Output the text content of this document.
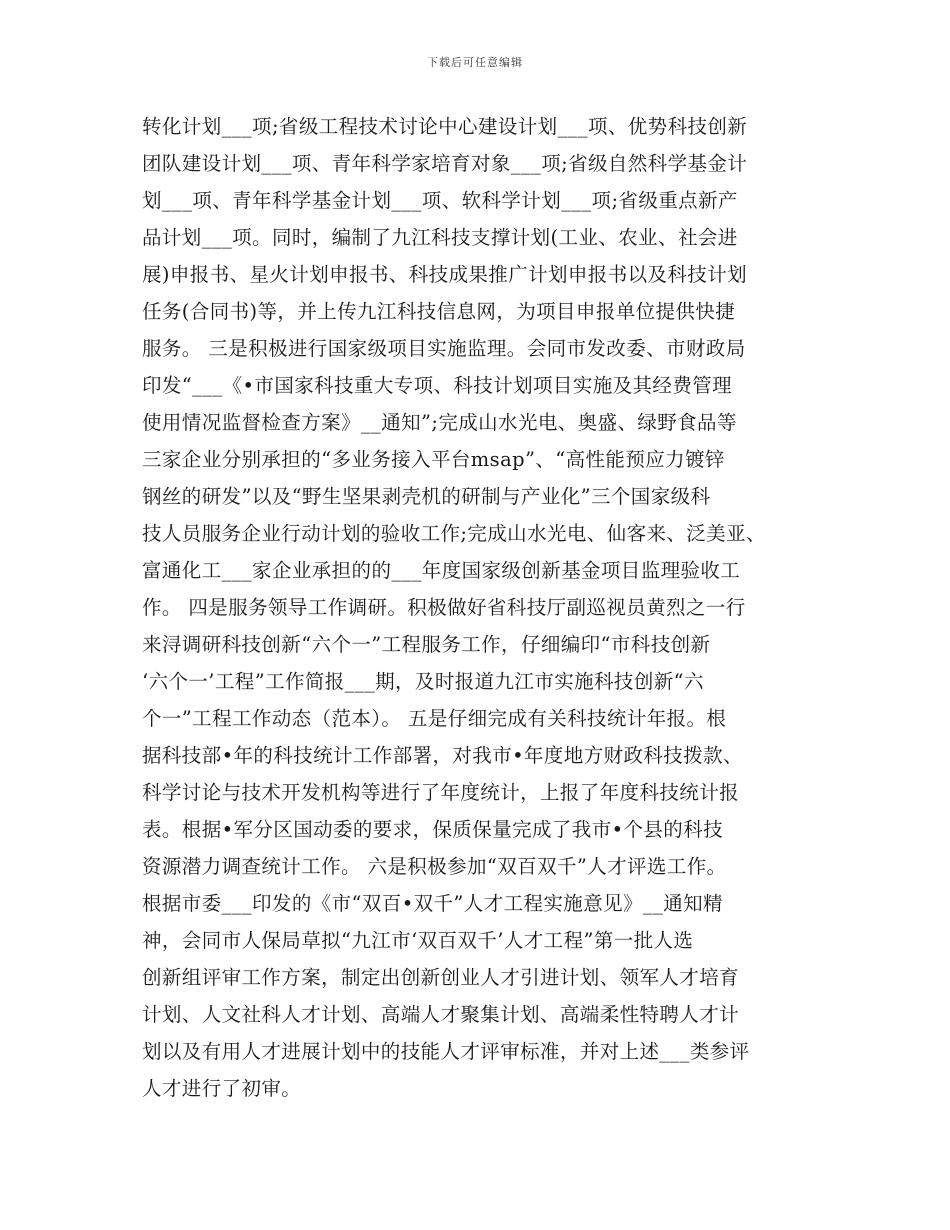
下载后可任意编辑
转化计划___项;省级工程技术讨论中心建设计划___项、优势科技创新
团队建设计划___项、青年科学家培育对象___项;省级自然科学基金计
划___项、青年科学基金计划___项、软科学计划___项;省级重点新产
品计划___项。同时，编制了九江科技支撑计划(工业、农业、社会进
展)申报书、星火计划申报书、科技成果推广计划申报书以及科技计划
任务(合同书)等，并上传九江科技信息网，为项目申报单位提供快捷
服务。 三是积极进行国家级项目实施监理。会同市发改委、市财政局
印发“___《•市国家科技重大专项、科技计划项目实施及其经费管理
使用情况监督检查方案》__通知”;完成山水光电、奥盛、绿野食品等
三家企业分别承担的“多业务接入平台msap”、“高性能预应力镀锌
钢丝的研发”以及“野生坚果剥壳机的研制与产业化”三个国家级科
技人员服务企业行动计划的验收工作;完成山水光电、仙客来、泛美亚、
富通化工___家企业承担的的___年度国家级创新基金项目监理验收工
作。 四是服务领导工作调研。积极做好省科技厅副巡视员黄烈之一行
来浔调研科技创新“六个一”工程服务工作，仔细编印“市科技创新
‘六个一’工程”工作简报___期，及时报道九江市实施科技创新“六
个一”工程工作动态（范本）。 五是仔细完成有关科技统计年报。根
据科技部•年的科技统计工作部署，对我市•年度地方财政科技拨款、
科学讨论与技术开发机构等进行了年度统计，上报了年度科技统计报
表。根据•军分区国动委的要求，保质保量完成了我市•个县的科技
资源潜力调查统计工作。 六是积极参加“双百双千”人才评选工作。
根据市委___印发的《市“双百•双千”人才工程实施意见》__通知精
神，会同市人保局草拟“九江市‘双百双千’人才工程”第一批人选
创新组评审工作方案，制定出创新创业人才引进计划、领军人才培育
计划、人文社科人才计划、高端人才聚集计划、高端柔性特聘人才计
划以及有用人才进展计划中的技能人才评审标准，并对上述___类参评
人才进行了初审。
